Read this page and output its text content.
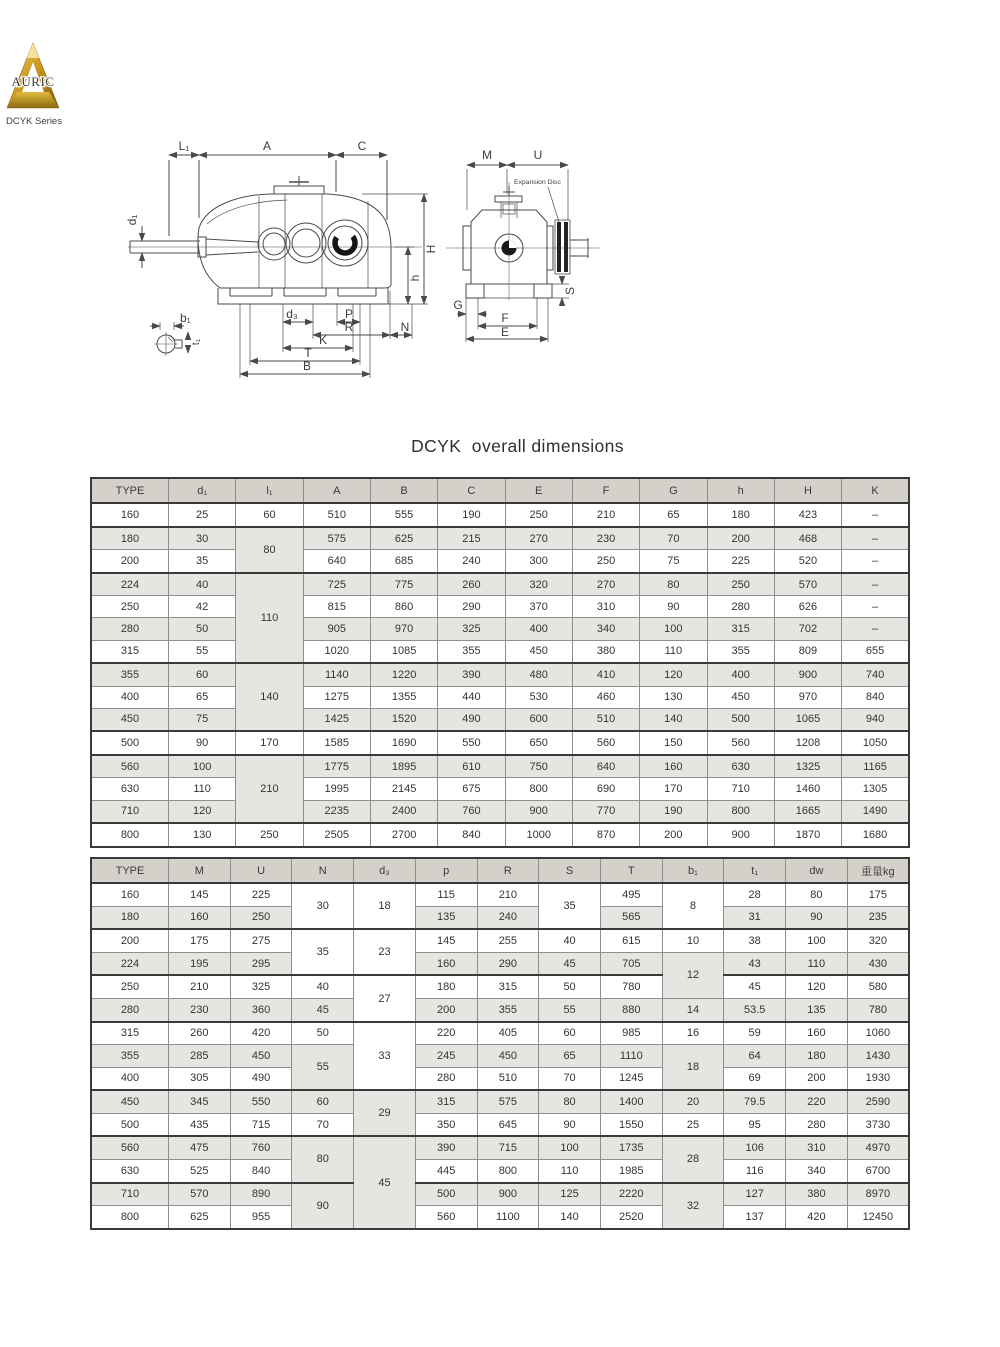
AURIC
DCYK Series
L₁	A	C
d₁
H
h
b₁
t₁
d₃	P
R	N
K
T
B
M	U
Expansion Disc
G
F
E
S
DCYK  overall dimensions
TYPE	d₁	l₁	A	B	C	E	F	G	h	H	K
160	25	60	510	555	190	250	210	65	180	423	–
180	30	80	575	625	215	270	230	70	200	468	–
200	35		640	685	240	300	250	75	225	520	–
224	40	110	725	775	260	320	270	80	250	570	–
250	42		815	860	290	370	310	90	280	626	–
280	50		905	970	325	400	340	100	315	702	–
315	55		1020	1085	355	450	380	110	355	809	655
355	60	140	1140	1220	390	480	410	120	400	900	740
400	65		1275	1355	440	530	460	130	450	970	840
450	75		1425	1520	490	600	510	140	500	1065	940
500	90	170	1585	1690	550	650	560	150	560	1208	1050
560	100	210	1775	1895	610	750	640	160	630	1325	1165
630	110		1995	2145	675	800	690	170	710	1460	1305
710	120		2235	2400	760	900	770	190	800	1665	1490
800	130	250	2505	2700	840	1000	870	200	900	1870	1680
TYPE	M	U	N	d₃	p	R	S	T	b₁	t₁	dw	重量kg
160	145	225	30	18	115	210	35	495	8	28	80	175
180	160	250			135	240		565		31	90	235
200	175	275	35	23	145	255	40	615	10	38	100	320
224	195	295			160	290	45	705	12	43	110	430
250	210	325	40	27	180	315	50	780		45	120	580
280	230	360	45		200	355	55	880	14	53.5	135	780
315	260	420	50	33	220	405	60	985	16	59	160	1060
355	285	450	55		245	450	65	1110	18	64	180	1430
400	305	490			280	510	70	1245		69	200	1930
450	345	550	60	29	315	575	80	1400	20	79.5	220	2590
500	435	715	70		350	645	90	1550	25	95	280	3730
560	475	760	80	45	390	715	100	1735	28	106	310	4970
630	525	840			445	800	110	1985		116	340	6700
710	570	890	90		500	900	125	2220	32	127	380	8970
800	625	955			560	1100	140	2520		137	420	12450
